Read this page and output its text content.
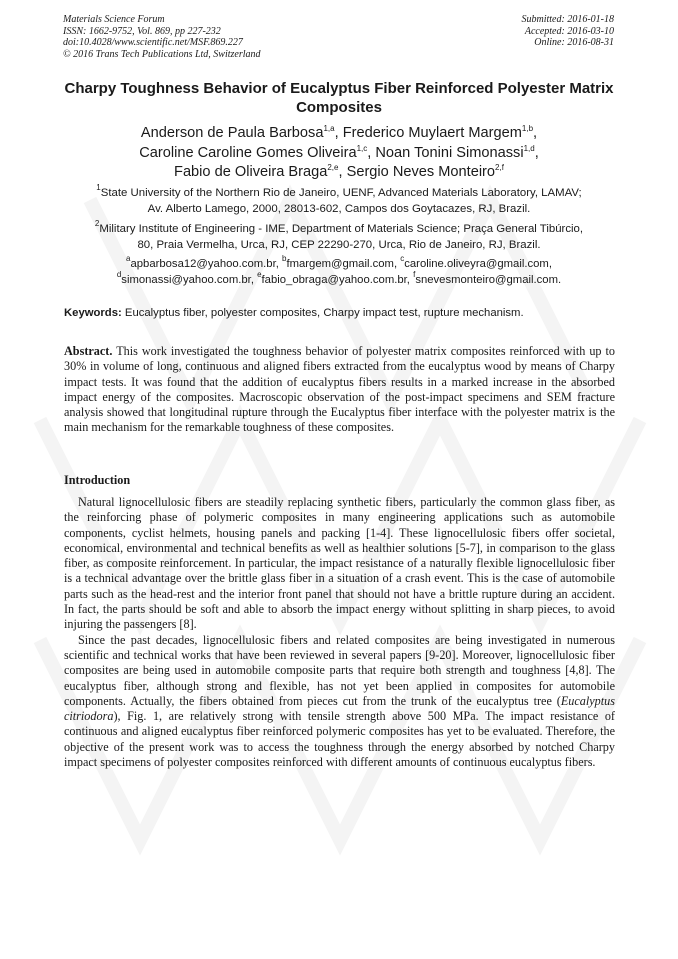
Materials Science Forum
ISSN: 1662-9752, Vol. 869, pp 227-232
doi:10.4028/www.scientific.net/MSF.869.227
© 2016 Trans Tech Publications Ltd, Switzerland
Submitted: 2016-01-18
Accepted: 2016-03-10
Online: 2016-08-31
Charpy Toughness Behavior of Eucalyptus Fiber Reinforced Polyester Matrix Composites
Anderson de Paula Barbosa$^{1,a}$, Frederico Muylaert Margem$^{1,b}$,
Caroline Caroline Gomes Oliveira$^{1,c}$, Noan Tonini Simonassi$^{1,d}$,
Fabio de Oliveira Braga$^{2,e}$, Sergio Neves Monteiro$^{2,f}$
$^1$State University of the Northern Rio de Janeiro, UENF, Advanced Materials Laboratory, LAMAV;
Av. Alberto Lamego, 2000, 28013-602, Campos dos Goytacazes, RJ, Brazil.
$^2$Military Institute of Engineering - IME, Department of Materials Science; Praça General Tibúrcio,
80, Praia Vermelha, Urca, RJ, CEP 22290-270, Urca, Rio de Janeiro, RJ, Brazil.
$^a$apbarbosa12@yahoo.com.br, $^b$fmargem@gmail.com, $^c$caroline.oliveyra@gmail.com,
$^d$simonassi@yahoo.com.br, $^e$fabio_obraga@yahoo.com.br, $^f$snevesmonteiro@gmail.com.
Keywords: Eucalyptus fiber, polyester composites, Charpy impact test, rupture mechanism.

Abstract. This work investigated the toughness behavior of polyester matrix composites reinforced with up to 30% in volume of long, continuous and aligned fibers extracted from the eucalyptus wood by means of Charpy impact tests. It was found that the addition of eucalyptus fibers results in a marked increase in the absorbed impact energy of the composites. Macroscopic observation of the post-impact specimens and SEM fracture analysis showed that longitudinal rupture through the Eucalyptus fiber interface with the polyester matrix is the main mechanism for the remarkable toughness of these composites.

Introduction

Natural lignocellulosic fibers are steadily replacing synthetic fibers, particularly the common glass fiber, as the reinforcing phase of polymeric composites in many engineering applications such as automobile components, cyclist helmets, housing panels and packing [1-4]. These lignocellulosic fibers offer societal, economical, environmental and technical benefits as well as healthier solutions [5-7], in comparison to the glass fiber, as composite reinforcement. In particular, the impact resistance of a naturally flexible lignocellulosic fiber is a technical advantage over the brittle glass fiber in a situation of a crash event. This is the case of automobile parts such as the head-rest and the interior front panel that should not have a brittle rupture during an accident. In fact, the parts should be soft and able to absorb the impact energy without splitting in sharp pieces, to avoid injuring the passengers [8].

Since the past decades, lignocellulosic fibers and related composites are being investigated in numerous scientific and technical works that have been reviewed in several papers [9-20]. Moreover, lignocellulosic fiber composites are being used in automobile composite parts that require both strength and toughness [4,8]. The eucalyptus fiber, although strong and flexible, has not yet been applied in composites for automobile components. Actually, the fibers obtained from pieces cut from the trunk of the eucalyptus tree (Eucalyptus citriodora), Fig. 1, are relatively strong with tensile strength above 500 MPa. The impact resistance of continuous and aligned eucalyptus fiber reinforced polymeric composites has yet to be evaluated. Therefore, the objective of the present work was to access the toughness through the energy absorbed by notched Charpy impact specimens of polyester composites reinforced with different amounts of continuous eucalyptus fibers.
